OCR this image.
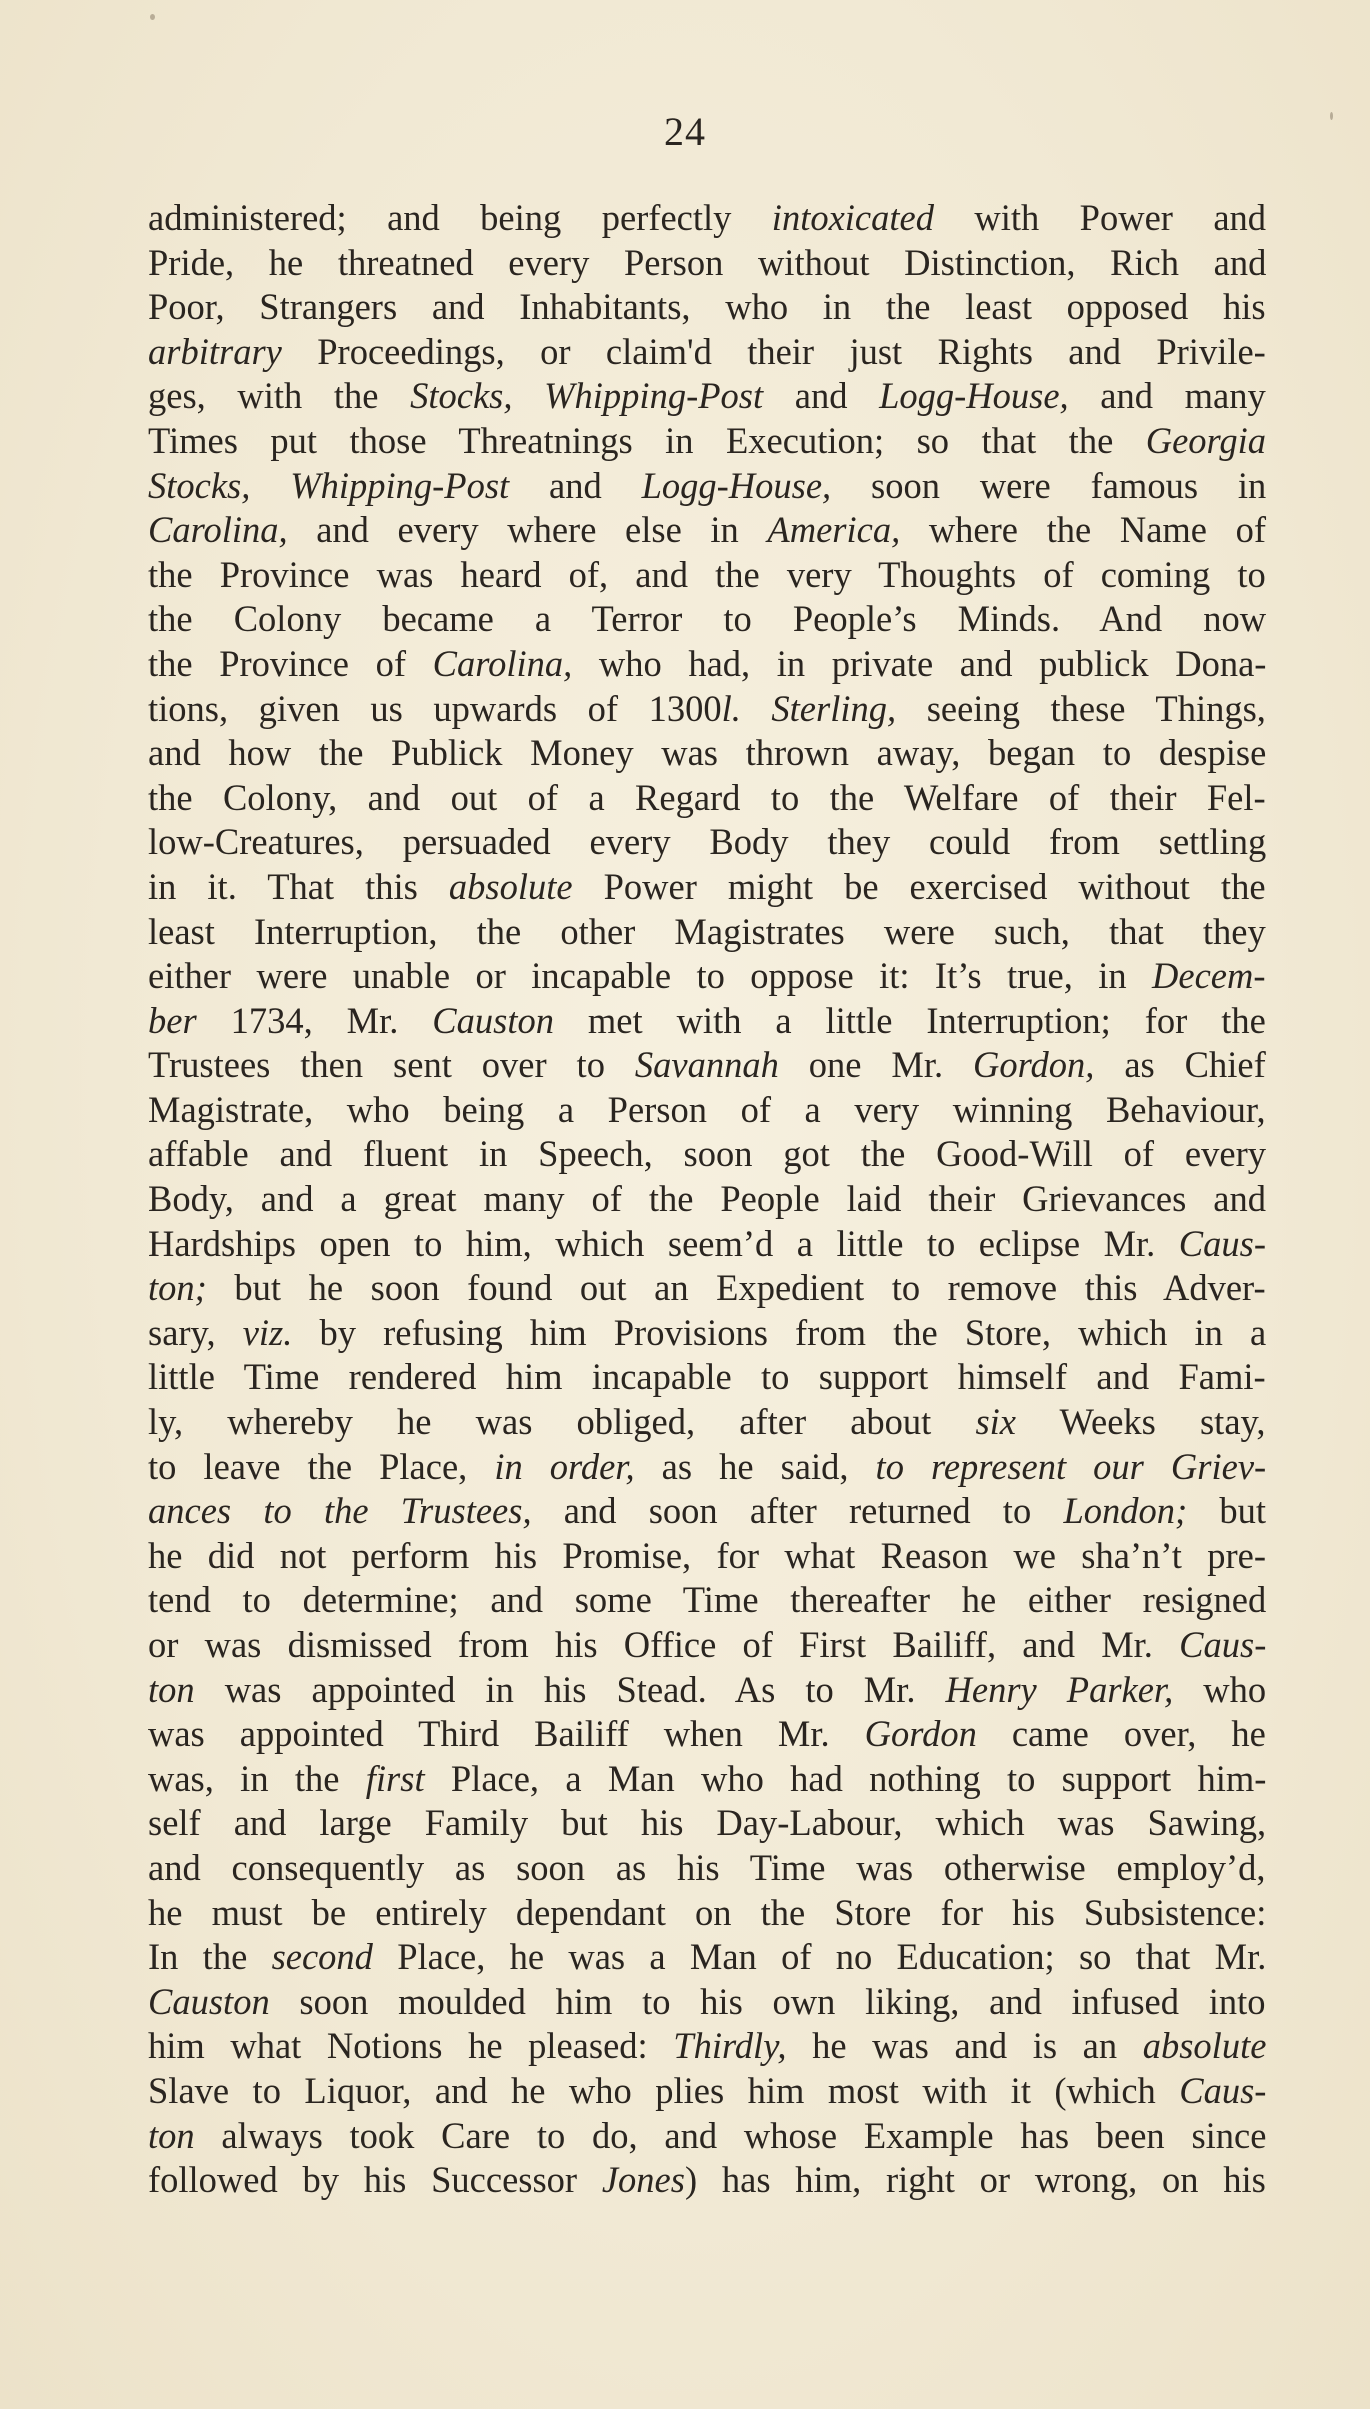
24
administered; and being perfectly intoxicated with Power and
Pride, he threatned every Person without Distinction, Rich and
Poor, Strangers and Inhabitants, who in the least opposed his
arbitrary Proceedings, or claim'd their just Rights and Privile-
ges, with the Stocks, Whipping-Post and Logg-House, and many
Times put those Threatnings in Execution; so that the Georgia
Stocks, Whipping-Post and Logg-House, soon were famous in
Carolina, and every where else in America, where the Name of
the Province was heard of, and the very Thoughts of coming to
the Colony became a Terror to People’s Minds. And now
the Province of Carolina, who had, in private and publick Dona-
tions, given us upwards of 1300l. Sterling, seeing these Things,
and how the Publick Money was thrown away, began to despise
the Colony, and out of a Regard to the Welfare of their Fel-
low-Creatures, persuaded every Body they could from settling
in it. That this absolute Power might be exercised without the
least Interruption, the other Magistrates were such, that they
either were unable or incapable to oppose it: It’s true, in Decem-
ber 1734, Mr. Causton met with a little Interruption; for the
Trustees then sent over to Savannah one Mr. Gordon, as Chief
Magistrate, who being a Person of a very winning Behaviour,
affable and fluent in Speech, soon got the Good-Will of every
Body, and a great many of the People laid their Grievances and
Hardships open to him, which seem’d a little to eclipse Mr. Caus-
ton; but he soon found out an Expedient to remove this Adver-
sary, viz. by refusing him Provisions from the Store, which in a
little Time rendered him incapable to support himself and Fami-
ly, whereby he was obliged, after about six Weeks stay,
to leave the Place, in order, as he said, to represent our Griev-
ances to the Trustees, and soon after returned to London; but
he did not perform his Promise, for what Reason we sha’n’t pre-
tend to determine; and some Time thereafter he either resigned
or was dismissed from his Office of First Bailiff, and Mr. Caus-
ton was appointed in his Stead. As to Mr. Henry Parker, who
was appointed Third Bailiff when Mr. Gordon came over, he
was, in the first Place, a Man who had nothing to support him-
self and large Family but his Day-Labour, which was Sawing,
and consequently as soon as his Time was otherwise employ’d,
he must be entirely dependant on the Store for his Subsistence:
In the second Place, he was a Man of no Education; so that Mr.
Causton soon moulded him to his own liking, and infused into
him what Notions he pleased: Thirdly, he was and is an absolute
Slave to Liquor, and he who plies him most with it (which Caus-
ton always took Care to do, and whose Example has been since
followed by his Successor Jones) has him, right or wrong, on his
